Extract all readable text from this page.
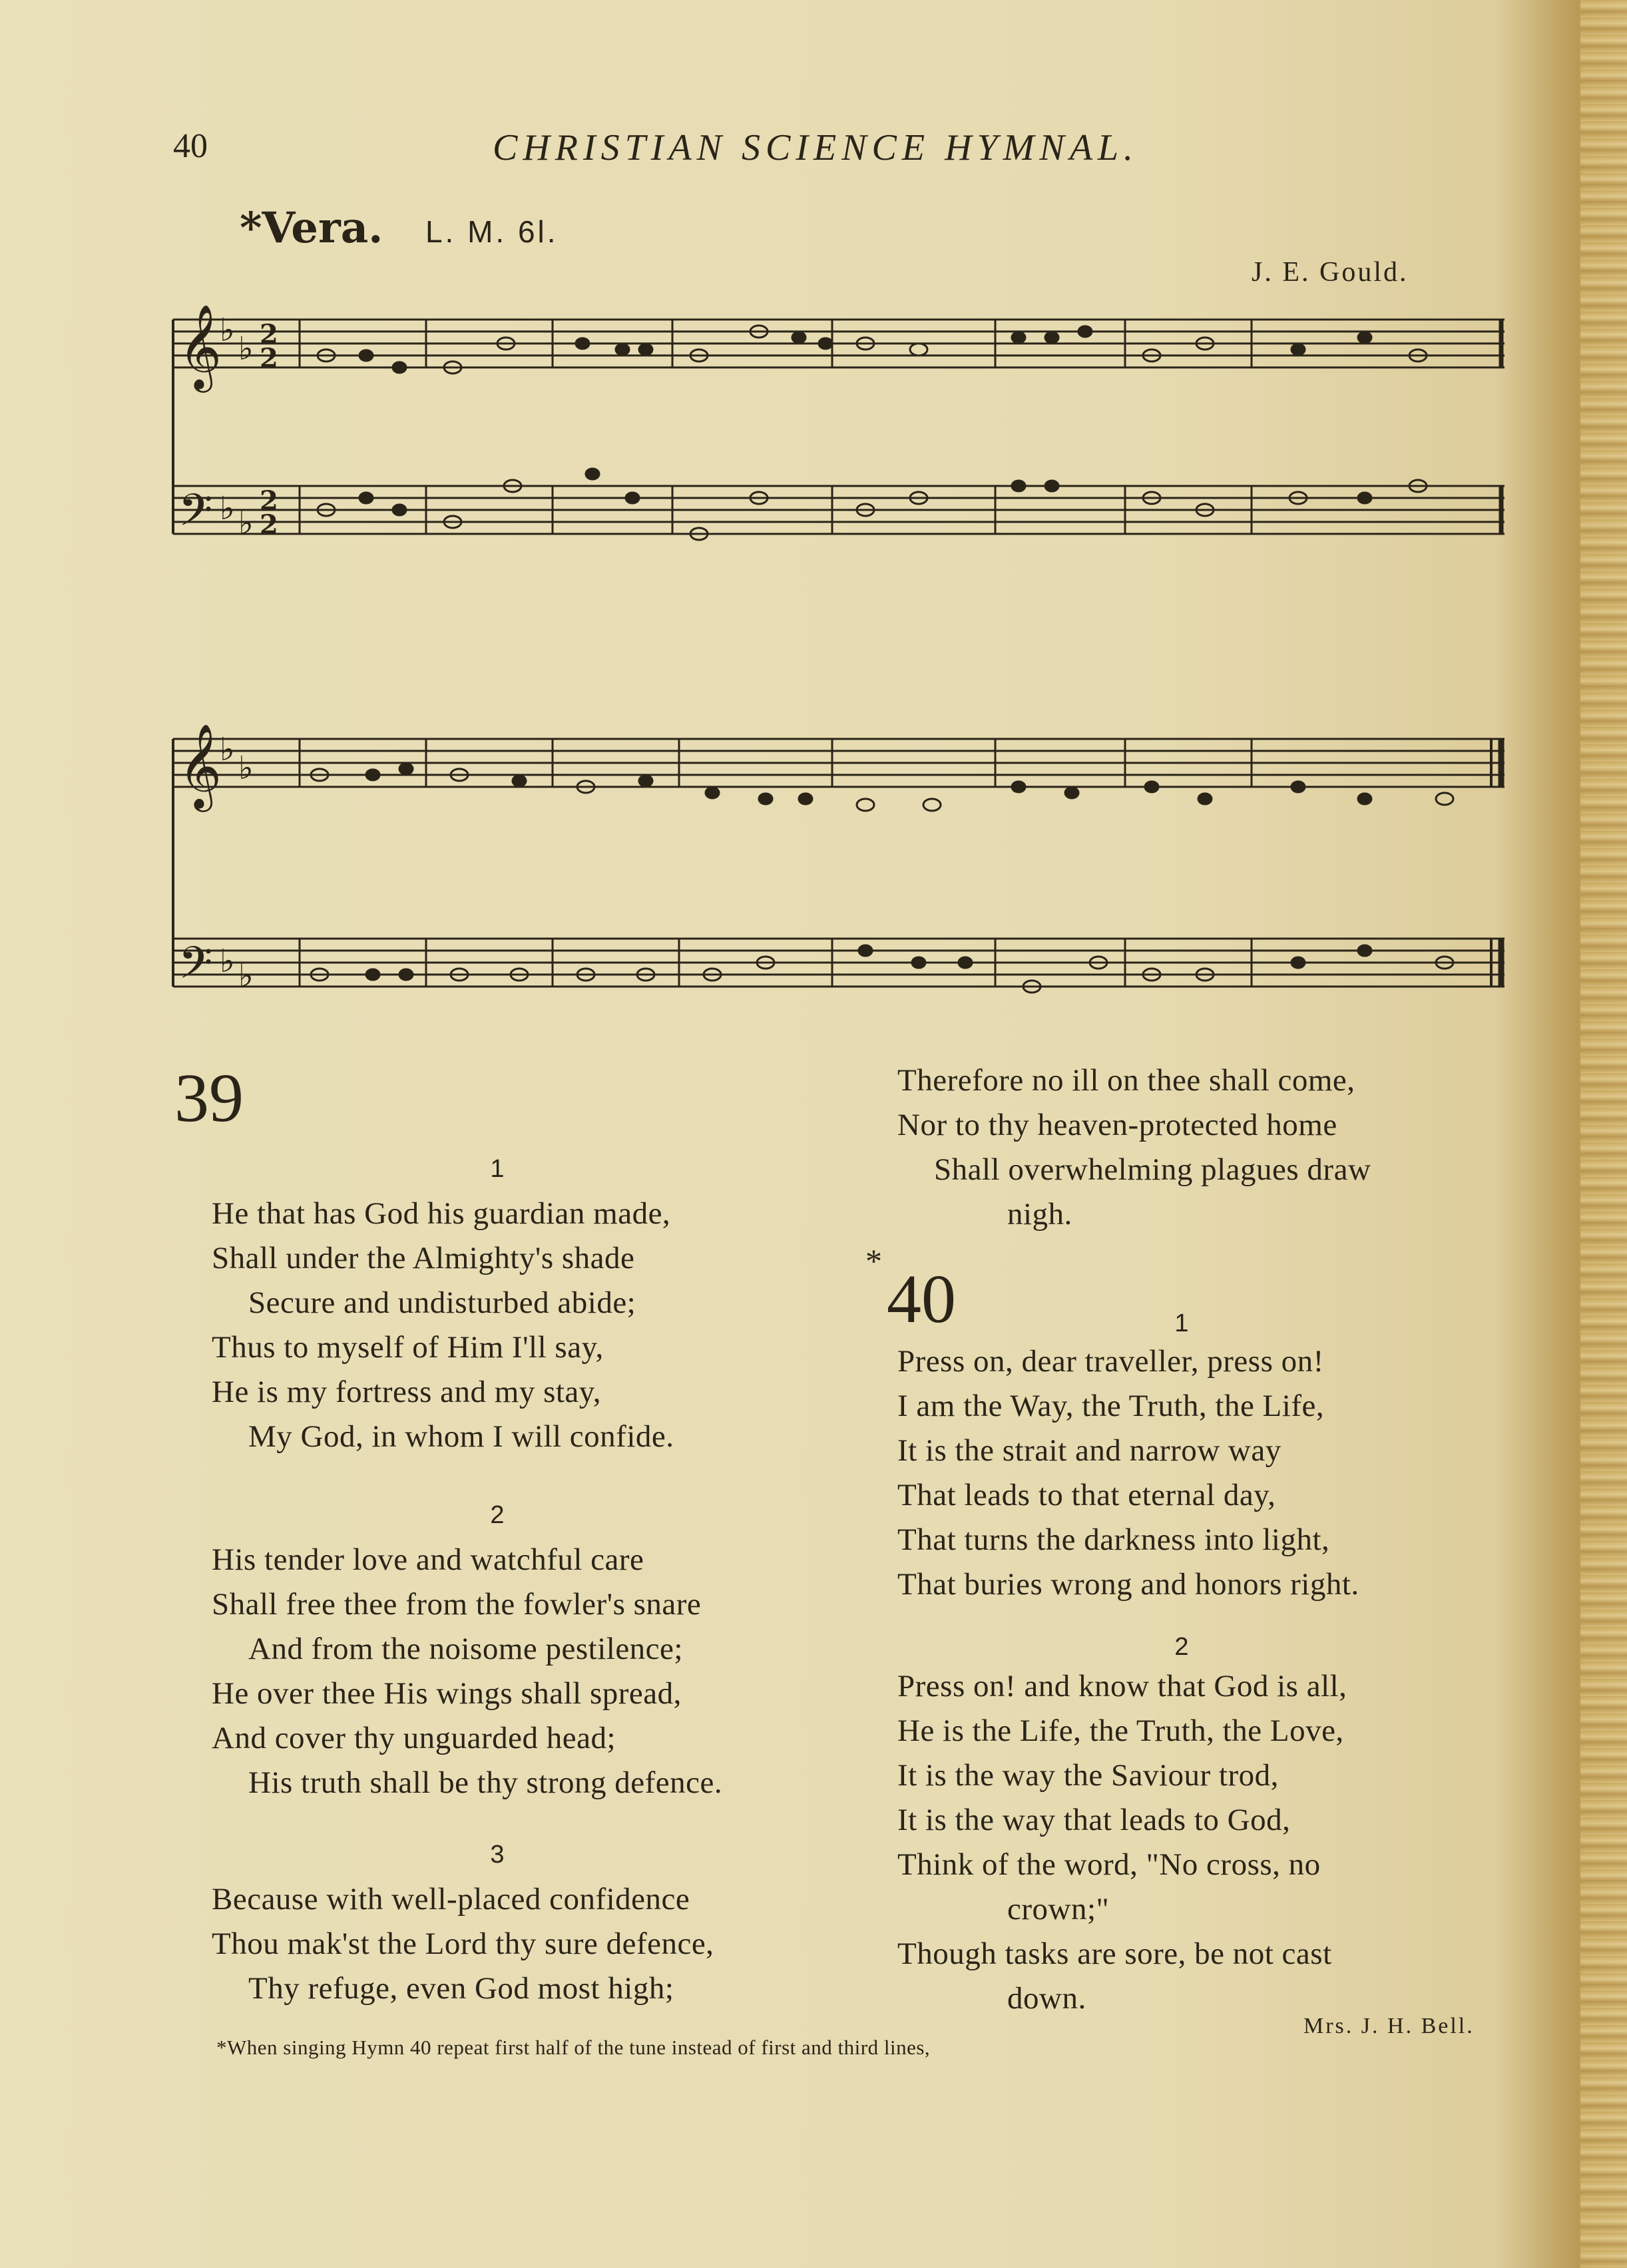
40	CHRISTIAN SCIENCE HYMNAL.
*Vera. L. M. 6l.
J. E. Gould.
𝄞
𝄞
𝄢
𝄢
♭ ♭
♭ ♭
♭ ♭
♭ ♭
2
2
2
2
39
1
He that has God his guardian made,
Shall under the Almighty's shade
Secure and undisturbed abide;
Thus to myself of Him I'll say,
He is my fortress and my stay,
My God, in whom I will confide.
2
His tender love and watchful care
Shall free thee from the fowler's snare
And from the noisome pestilence;
He over thee His wings shall spread,
And cover thy unguarded head;
His truth shall be thy strong defence.
3
Because with well-placed confidence
Thou mak'st the Lord thy sure defence,
Thy refuge, even God most high;
Therefore no ill on thee shall come,
Nor to thy heaven-protected home
Shall overwhelming plagues draw
nigh.
* 40	1
Press on, dear traveller, press on!
I am the Way, the Truth, the Life,
It is the strait and narrow way
That leads to that eternal day,
That turns the darkness into light,
That buries wrong and honors right.
2
Press on! and know that God is all,
He is the Life, the Truth, the Love,
It is the way the Saviour trod,
It is the way that leads to God,
Think of the word, "No cross, no
crown;"
Though tasks are sore, be not cast
down.
Mrs. J. H. Bell.
*When singing Hymn 40 repeat first half of the tune instead of first and third lines,
